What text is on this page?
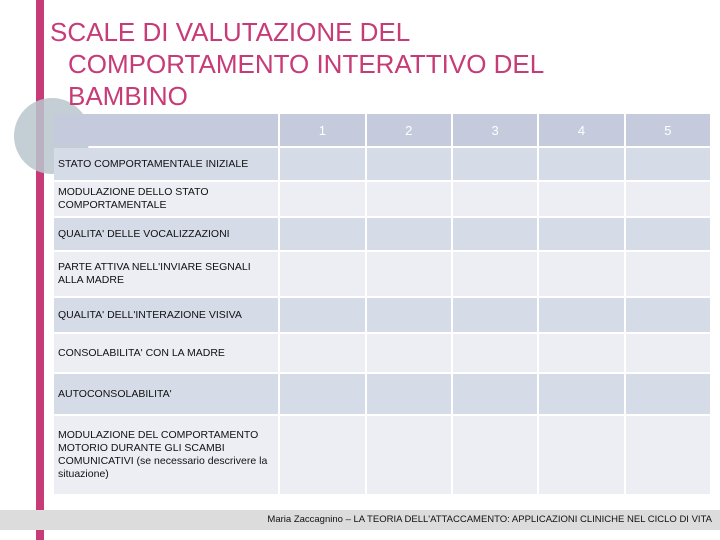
SCALE DI VALUTAZIONE DEL
COMPORTAMENTO INTERATTIVO DEL
BAMBINO
	1	2	3	4	5
STATO COMPORTAMENTALE INIZIALE					
MODULAZIONE DELLO STATO COMPORTAMENTALE					
QUALITA' DELLE VOCALIZZAZIONI					
PARTE ATTIVA NELL'INVIARE SEGNALI ALLA MADRE					
QUALITA' DELL'INTERAZIONE VISIVA					
CONSOLABILITA' CON LA MADRE					
AUTOCONSOLABILITA'					
MODULAZIONE DEL COMPORTAMENTO MOTORIO DURANTE GLI SCAMBI COMUNICATIVI (se necessario descrivere la situazione)					
Maria Zaccagnino – LA TEORIA DELL'ATTACCAMENTO: APPLICAZIONI CLINICHE NEL CICLO DI VITA
